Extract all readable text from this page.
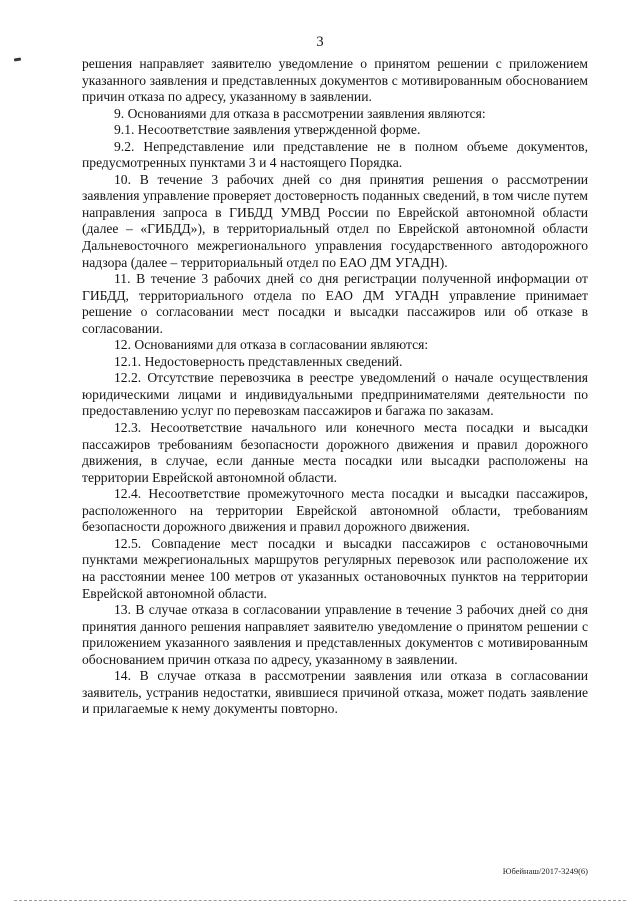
3

решения направляет заявителю уведомление о принятом решении с приложением указанного заявления и представленных документов с мотивированным обоснованием причин отказа по адресу, указанному в заявлении.

9. Основаниями для отказа в рассмотрении заявления являются:

9.1. Несоответствие заявления утвержденной форме.

9.2. Непредставление или представление не в полном объеме документов, предусмотренных пунктами 3 и 4 настоящего Порядка.

10. В течение 3 рабочих дней со дня принятия решения о рассмотрении заявления управление проверяет достоверность поданных сведений, в том числе путем направления запроса в ГИБДД УМВД России по Еврейской автономной области (далее – «ГИБДД»), в территориальный отдел по Еврейской автономной области Дальневосточного межрегионального управления государственного автодорожного надзора (далее – территориальный отдел по ЕАО ДМ УГАДН).

11. В течение 3 рабочих дней со дня регистрации полученной информации от ГИБДД, территориального отдела по ЕАО ДМ УГАДН управление принимает решение о согласовании мест посадки и высадки пассажиров или об отказе в согласовании.

12. Основаниями для отказа в согласовании являются:

12.1. Недостоверность представленных сведений.

12.2. Отсутствие перевозчика в реестре уведомлений о начале осуществления юридическими лицами и индивидуальными предпринимателями деятельности по предоставлению услуг по перевозкам пассажиров и багажа по заказам.

12.3. Несоответствие начального или конечного места посадки и высадки пассажиров требованиям безопасности дорожного движения и правил дорожного движения, в случае, если данные места посадки или высадки расположены на территории Еврейской автономной области.

12.4. Несоответствие промежуточного места посадки и высадки пассажиров, расположенного на территории Еврейской автономной области, требованиям безопасности дорожного движения и правил дорожного движения.

12.5. Совпадение мест посадки и высадки пассажиров с остановочными пунктами межрегиональных маршрутов регулярных перевозок или расположение их на расстоянии менее 100 метров от указанных остановочных пунктов на территории Еврейской автономной области.

13. В случае отказа в согласовании управление в течение 3 рабочих дней со дня принятия данного решения направляет заявителю уведомление о принятом решении с приложением указанного заявления и представленных документов с мотивированным обоснованием причин отказа по адресу, указанному в заявлении.

14. В случае отказа в рассмотрении заявления или отказа в согласовании заявитель, устранив недостатки, явившиеся причиной отказа, может подать заявление и прилагаемые к нему документы повторно.

Юбейнаш/2017-3249(6)
